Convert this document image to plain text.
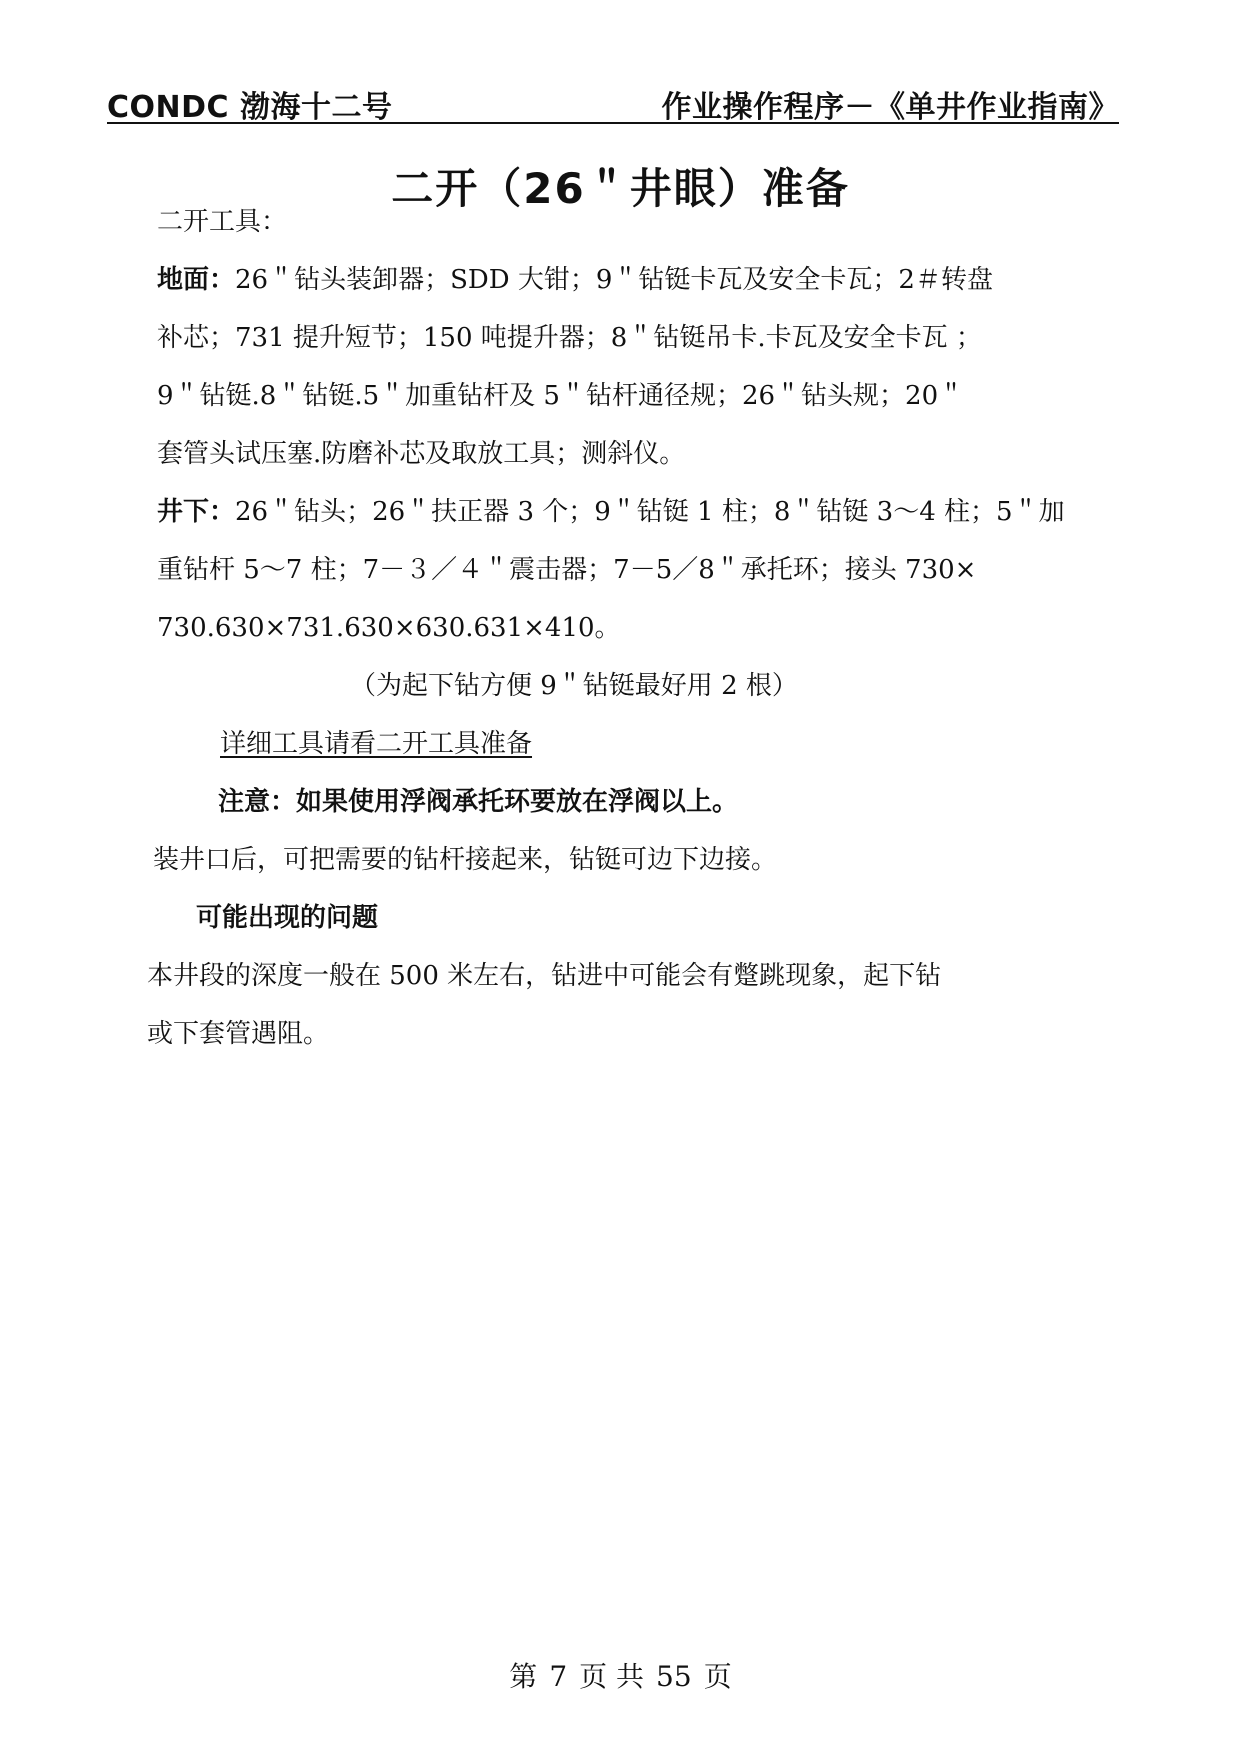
CONDC 渤海十二号	作业操作程序－《单井作业指南》
二开（26＂井眼）准备
二开工具：
地面：26＂钻头装卸器；SDD 大钳；9＂钻铤卡瓦及安全卡瓦；2＃转盘
补芯；731 提升短节；150 吨提升器；8＂钻铤吊卡.卡瓦及安全卡瓦 ；
9＂钻铤.8＂钻铤.5＂加重钻杆及 5＂钻杆通径规；26＂钻头规；20＂
套管头试压塞.防磨补芯及取放工具；测斜仪。
井下：26＂钻头；26＂扶正器 3 个；9＂钻铤 1 柱；8＂钻铤 3～4 柱；5＂加
重钻杆 5～7 柱；7－３／４＂震击器；7－5／8＂承托环；接头 730×
730.630×731.630×630.631×410。
（为起下钻方便 9＂钻铤最好用 2 根）
详细工具请看二开工具准备
注意：如果使用浮阀承托环要放在浮阀以上。
装井口后，可把需要的钻杆接起来，钻铤可边下边接。
可能出现的问题
本井段的深度一般在 500 米左右，钻进中可能会有蹩跳现象，起下钻
或下套管遇阻。
第 7 页 共 55 页
